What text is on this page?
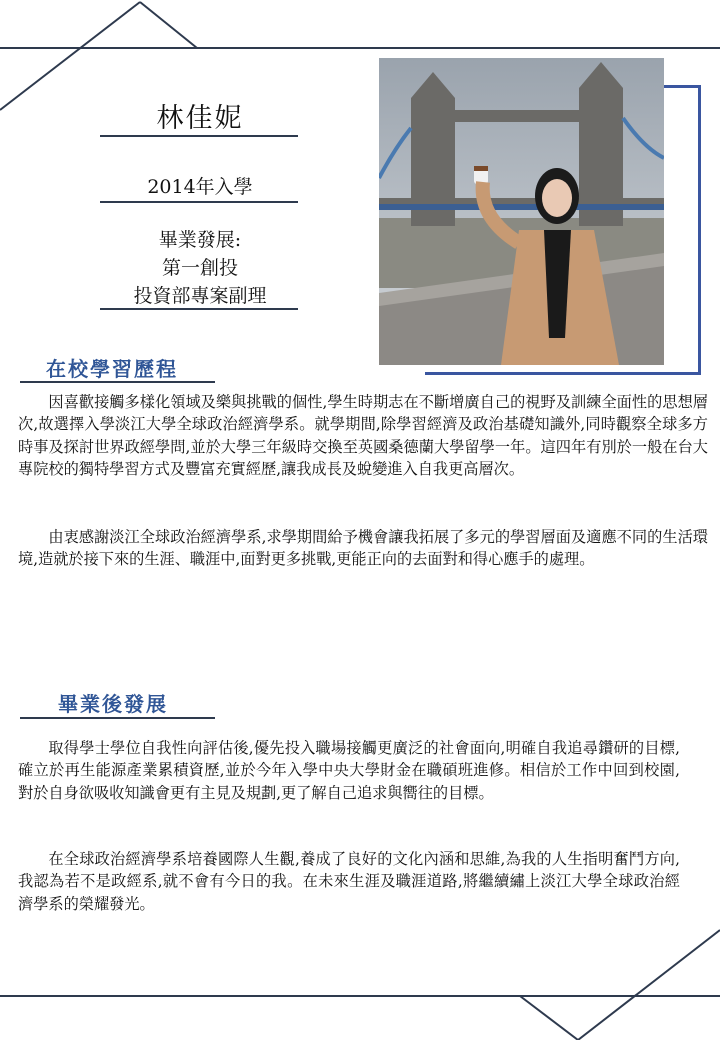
林佳妮
2014年入學
畢業發展:
第一創投
投資部專案副理
在校學習歷程
因喜歡接觸多樣化領域及樂與挑戰的個性,學生時期志在不斷增廣自己的視野及訓練全面性的思想層次,故選擇入學淡江大學全球政治經濟學系。就學期間,除學習經濟及政治基礎知識外,同時觀察全球多方時事及探討世界政經學問,並於大學三年級時交換至英國桑德蘭大學留學一年。這四年有別於一般在台大專院校的獨特學習方式及豐富充實經歷,讓我成長及蛻變進入自我更高層次。
由衷感謝淡江全球政治經濟學系,求學期間給予機會讓我拓展了多元的學習層面及適應不同的生活環境,造就於接下來的生涯、職涯中,面對更多挑戰,更能正向的去面對和得心應手的處理。
畢業後發展
取得學士學位自我性向評估後,優先投入職場接觸更廣泛的社會面向,明確自我追尋鑽研的目標,確立於再生能源產業累積資歷,並於今年入學中央大學財金在職碩班進修。相信於工作中回到校園,對於自身欲吸收知識會更有主見及規劃,更了解自己追求與嚮往的目標。
在全球政治經濟學系培養國際人生觀,養成了良好的文化內涵和思維,為我的人生指明奮鬥方向,我認為若不是政經系,就不會有今日的我。在未來生涯及職涯道路,將繼續繡上淡江大學全球政治經濟學系的榮耀發光。
